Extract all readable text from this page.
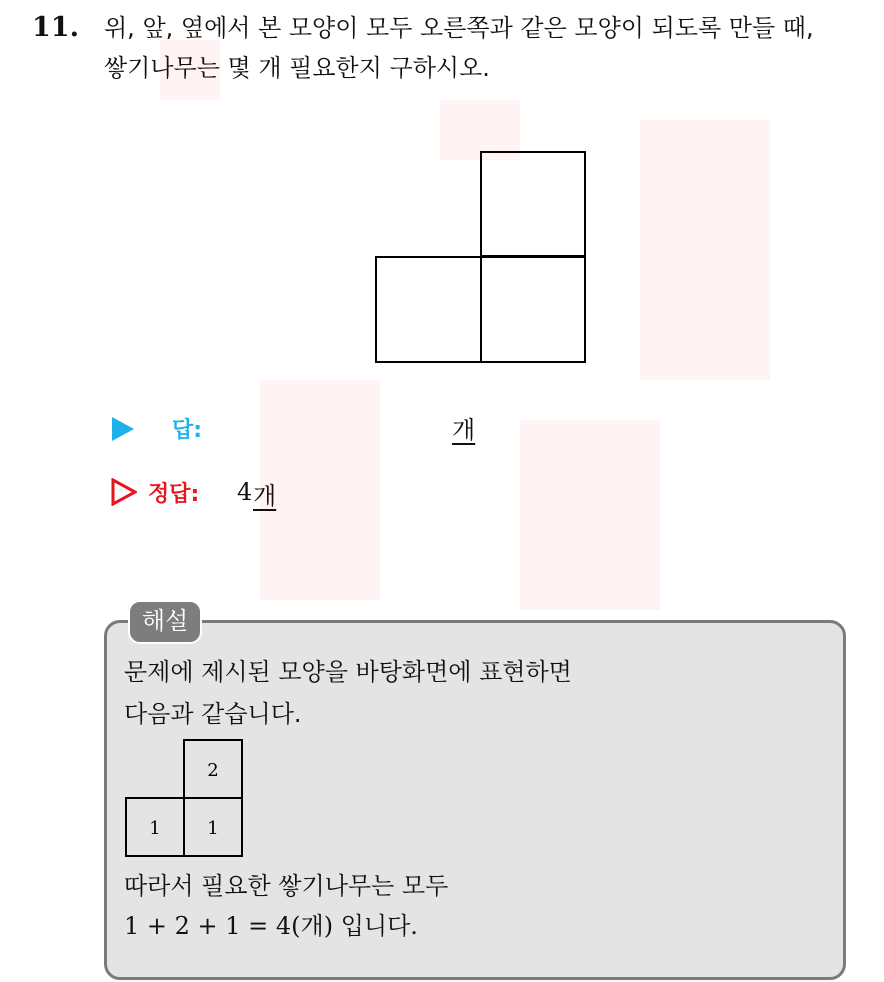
11. 위, 앞, 옆에서 본 모양이 모두 오른쪽과 같은 모양이 되도록 만들 때,
쌓기나무는 몇 개 필요한지 구하시오.
답:	개
정답: 4 개
해설
문제에 제시된 모양을 바탕화면에 표현하면
다음과 같습니다.
2
1	1
따라서 필요한 쌓기나무는 모두
1 + 2 + 1 = 4(개) 입니다.
